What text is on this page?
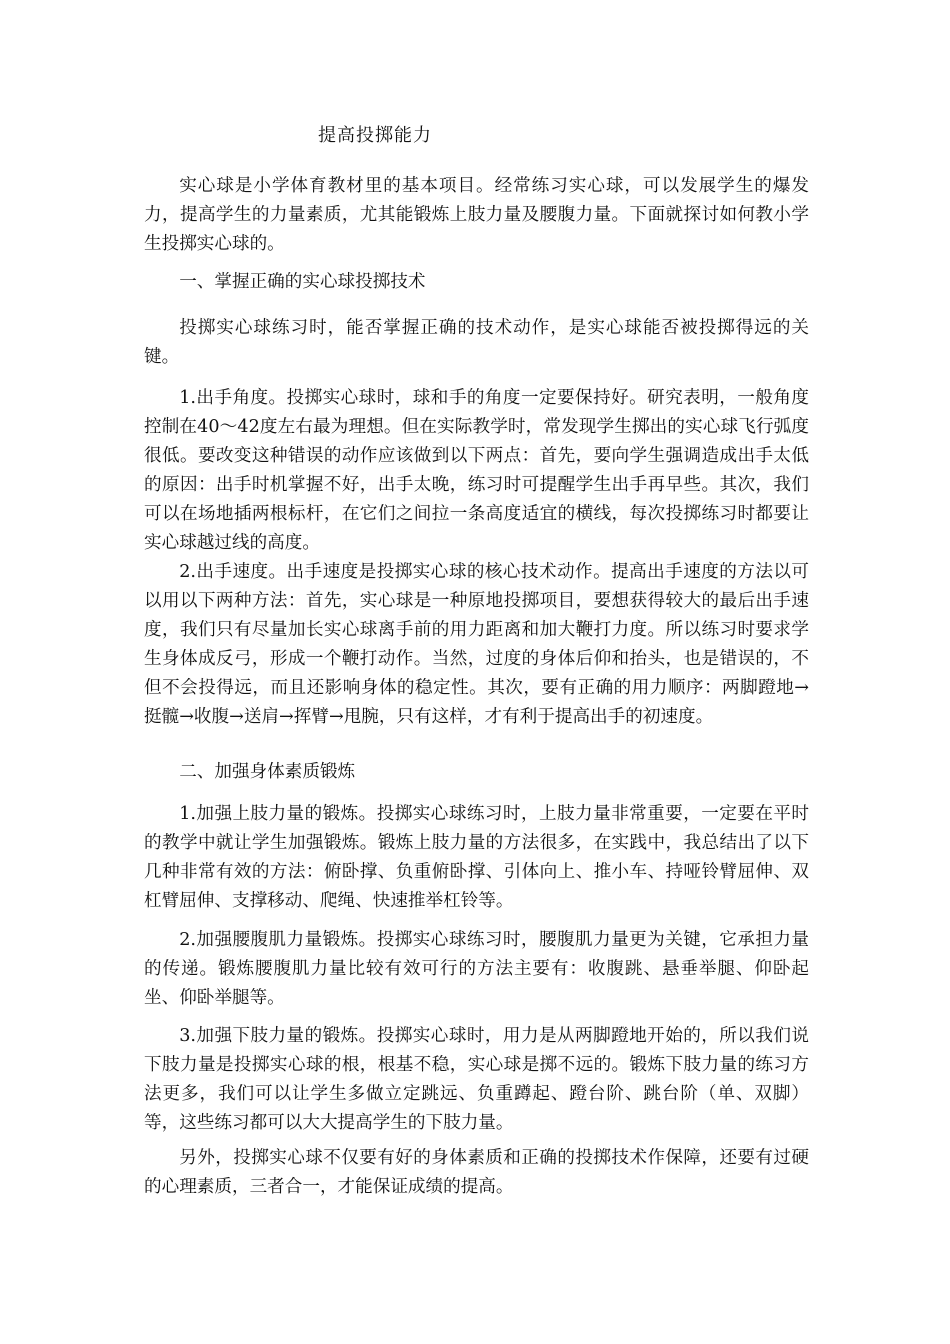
提高投掷能力

实心球是小学体育教材里的基本项目。经常练习实心球，可以发展学生的爆发力，提高学生的力量素质，尤其能锻炼上肢力量及腰腹力量。下面就探讨如何教小学生投掷实心球的。

一、掌握正确的实心球投掷技术

投掷实心球练习时，能否掌握正确的技术动作，是实心球能否被投掷得远的关键。

1.出手角度。投掷实心球时，球和手的角度一定要保持好。研究表明，一般角度控制在40～42度左右最为理想。但在实际教学时，常发现学生掷出的实心球飞行弧度很低。要改变这种错误的动作应该做到以下两点：首先，要向学生强调造成出手太低的原因：出手时机掌握不好，出手太晚，练习时可提醒学生出手再早些。其次，我们可以在场地插两根标杆，在它们之间拉一条高度适宜的横线，每次投掷练习时都要让实心球越过线的高度。

2.出手速度。出手速度是投掷实心球的核心技术动作。提高出手速度的方法以可以用以下两种方法：首先，实心球是一种原地投掷项目，要想获得较大的最后出手速度，我们只有尽量加长实心球离手前的用力距离和加大鞭打力度。所以练习时要求学生身体成反弓，形成一个鞭打动作。当然，过度的身体后仰和抬头，也是错误的，不但不会投得远，而且还影响身体的稳定性。其次，要有正确的用力顺序：两脚蹬地→挺髋→收腹→送肩→挥臂→甩腕，只有这样，才有利于提高出手的初速度。

二、加强身体素质锻炼

1.加强上肢力量的锻炼。投掷实心球练习时，上肢力量非常重要，一定要在平时的教学中就让学生加强锻炼。锻炼上肢力量的方法很多，在实践中，我总结出了以下几种非常有效的方法：俯卧撑、负重俯卧撑、引体向上、推小车、持哑铃臂屈伸、双杠臂屈伸、支撑移动、爬绳、快速推举杠铃等。

2.加强腰腹肌力量锻炼。投掷实心球练习时，腰腹肌力量更为关键，它承担力量的传递。锻炼腰腹肌力量比较有效可行的方法主要有：收腹跳、悬垂举腿、仰卧起坐、仰卧举腿等。

3.加强下肢力量的锻炼。投掷实心球时，用力是从两脚蹬地开始的，所以我们说下肢力量是投掷实心球的根，根基不稳，实心球是掷不远的。锻炼下肢力量的练习方法更多，我们可以让学生多做立定跳远、负重蹲起、蹬台阶、跳台阶（单、双脚）等，这些练习都可以大大提高学生的下肢力量。

另外，投掷实心球不仅要有好的身体素质和正确的投掷技术作保障，还要有过硬的心理素质，三者合一，才能保证成绩的提高。
